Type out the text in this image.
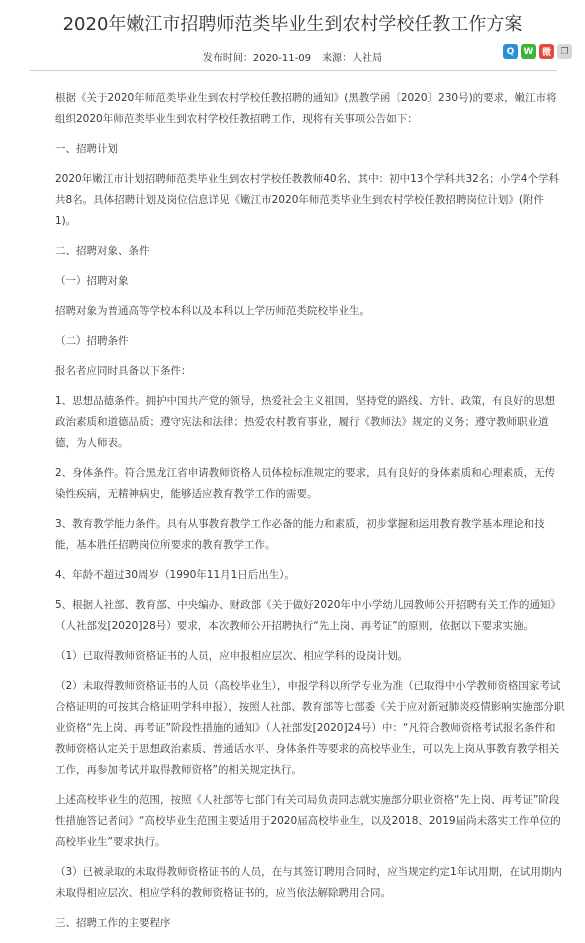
2020年嫩江市招聘师范类毕业生到农村学校任教工作方案
发布时间：2020-11-09 来源：人社局
Q	W 微	❐

根据《关于2020年师范类毕业生到农村学校任教招聘的通知》(黑教学函〔2020〕230号)的要求，嫩江市将组织2020年师范类毕业生到农村学校任教招聘工作，现将有关事项公告如下：

一、招聘计划

2020年嫩江市计划招聘师范类毕业生到农村学校任教教师40名，其中：初中13个学科共32名；小学4个学科共8名。具体招聘计划及岗位信息详见《嫩江市2020年师范类毕业生到农村学校任教招聘岗位计划》(附件1)。

二、招聘对象、条件

（一）招聘对象

招聘对象为普通高等学校本科以及本科以上学历师范类院校毕业生。

（二）招聘条件

报名者应同时具备以下条件：

1、思想品德条件。拥护中国共产党的领导，热爱社会主义祖国，坚持党的路线、方针、政策，有良好的思想政治素质和道德品质；遵守宪法和法律；热爱农村教育事业，履行《教师法》规定的义务；遵守教师职业道德，为人师表。

2、身体条件。符合黑龙江省申请教师资格人员体检标准规定的要求，具有良好的身体素质和心理素质，无传染性疾病，无精神病史，能够适应教育教学工作的需要。

3、教育教学能力条件。具有从事教育教学工作必备的能力和素质，初步掌握和运用教育教学基本理论和技能，基本胜任招聘岗位所要求的教育教学工作。

4、年龄不超过30周岁（1990年11月1日后出生）。

5、根据人社部、教育部、中央编办、财政部《关于做好2020年中小学幼儿园教师公开招聘有关工作的通知》（人社部发[2020]28号）要求，本次教师公开招聘执行“先上岗、再考证”的原则，依据以下要求实施。

（1）已取得教师资格证书的人员，应申报相应层次、相应学科的设岗计划。

（2）未取得教师资格证书的人员（高校毕业生），申报学科以所学专业为准（已取得中小学教师资格国家考试合格证明的可按其合格证明学科申报），按照人社部、教育部等七部委《关于应对新冠肺炎疫情影响实施部分职业资格“先上岗、再考证”阶段性措施的通知》（人社部发[2020]24号）中：“凡符合教师资格考试报名条件和教师资格认定关于思想政治素质、普通话水平、身体条件等要求的高校毕业生，可以先上岗从事教育教学相关工作，再参加考试并取得教师资格”的相关规定执行。

上述高校毕业生的范围，按照《人社部等七部门有关司局负责同志就实施部分职业资格“先上岗、再考证”阶段性措施答记者问》“高校毕业生范围主要适用于2020届高校毕业生，以及2018、2019届尚未落实工作单位的高校毕业生”要求执行。

（3）已被录取的未取得教师资格证书的人员，在与其签订聘用合同时，应当规定约定1年试用期，在试用期内未取得相应层次、相应学科的教师资格证书的，应当依法解除聘用合同。

三、招聘工作的主要程序
